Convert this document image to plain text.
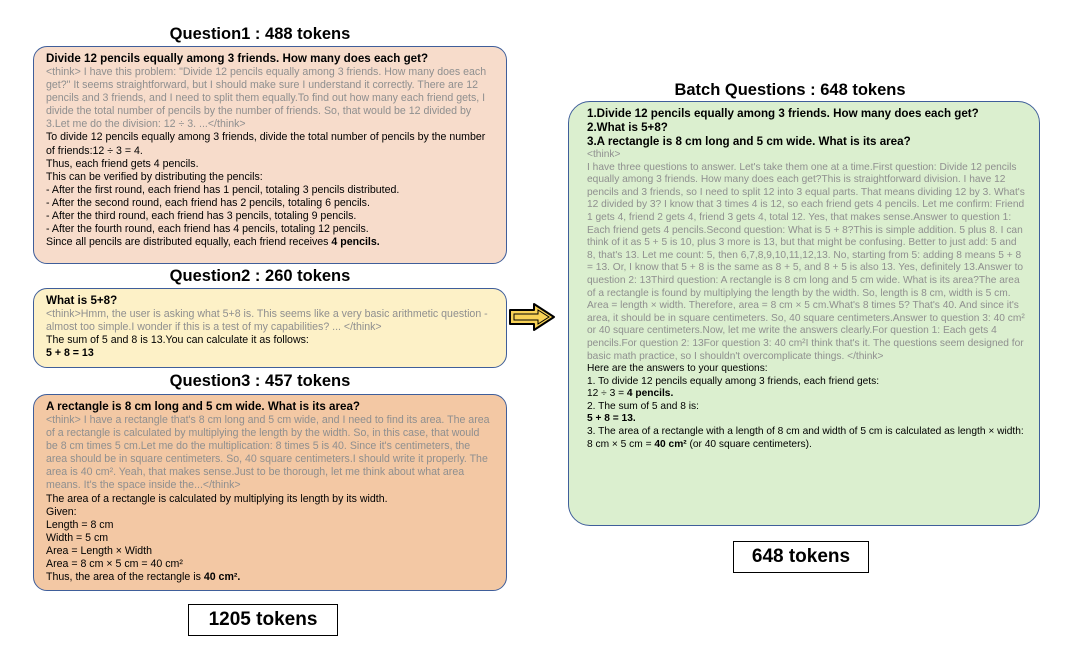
Question1 : 488 tokens

Divide 12 pencils equally among 3 friends. How many does each get?

<think> I have this problem: "Divide 12 pencils equally among 3 friends. How many does each get?" It seems straightforward, but I should make sure I understand it correctly. There are 12 pencils and 3 friends, and I need to split them equally.To find out how many each friend gets, I divide the total number of pencils by the number of friends. So, that would be 12 divided by 3.Let me do the division: 12 ÷ 3. ...</think>

To divide 12 pencils equally among 3 friends, divide the total number of pencils by the number of friends:12 ÷ 3 = 4.

Thus, each friend gets 4 pencils.

This can be verified by distributing the pencils:

- After the first round, each friend has 1 pencil, totaling 3 pencils distributed.

- After the second round, each friend has 2 pencils, totaling 6 pencils.

- After the third round, each friend has 3 pencils, totaling 9 pencils.

- After the fourth round, each friend has 4 pencils, totaling 12 pencils.

Since all pencils are distributed equally, each friend receives 4 pencils.

Question2 : 260 tokens

What is 5+8?

<think>Hmm, the user is asking what 5+8 is. This seems like a very basic arithmetic question - almost too simple.I wonder if this is a test of my capabilities? ... </think>

The sum of 5 and 8 is 13.You can calculate it as follows:

5 + 8 = 13

Question3 : 457 tokens

A rectangle is 8 cm long and 5 cm wide. What is its area?

<think> I have a rectangle that's 8 cm long and 5 cm wide, and I need to find its area. The area of a rectangle is calculated by multiplying the length by the width. So, in this case, that would be 8 cm times 5 cm.Let me do the multiplication: 8 times 5 is 40. Since it's centimeters, the area should be in square centimeters. So, 40 square centimeters.I should write it properly. The area is 40 cm². Yeah, that makes sense.Just to be thorough, let me think about what area means. It's the space inside the...</think>

The area of a rectangle is calculated by multiplying its length by its width.

Given:

Length = 8 cm

Width = 5 cm

Area = Length × Width

Area = 8 cm × 5 cm = 40 cm²

Thus, the area of the rectangle is 40 cm².

1205 tokens
Batch Questions : 648 tokens

1.Divide 12 pencils equally among 3 friends. How many does each get?

2.What is 5+8?

3.A rectangle is 8 cm long and 5 cm wide. What is its area?

<think>

I have three questions to answer. Let's take them one at a time.First question: Divide 12 pencils equally among 3 friends. How many does each get?This is straightforward division. I have 12 pencils and 3 friends, so I need to split 12 into 3 equal parts. That means dividing 12 by 3. What's 12 divided by 3? I know that 3 times 4 is 12, so each friend gets 4 pencils. Let me confirm: Friend 1 gets 4, friend 2 gets 4, friend 3 gets 4, total 12. Yes, that makes sense.Answer to question 1: Each friend gets 4 pencils.Second question: What is 5 + 8?This is simple addition. 5 plus 8. I can think of it as 5 + 5 is 10, plus 3 more is 13, but that might be confusing. Better to just add: 5 and 8, that's 13. Let me count: 5, then 6,7,8,9,10,11,12,13. No, starting from 5: adding 8 means 5 + 8 = 13. Or, I know that 5 + 8 is the same as 8 + 5, and 8 + 5 is also 13. Yes, definitely 13.Answer to question 2: 13Third question: A rectangle is 8 cm long and 5 cm wide. What is its area?The area of a rectangle is found by multiplying the length by the width. So, length is 8 cm, width is 5 cm. Area = length × width. Therefore, area = 8 cm × 5 cm.What's 8 times 5? That's 40. And since it's area, it should be in square centimeters. So, 40 square centimeters.Answer to question 3: 40 cm² or 40 square centimeters.Now, let me write the answers clearly.For question 1: Each gets 4 pencils.For question 2: 13For question 3: 40 cm²I think that's it. The questions seem designed for basic math practice, so I shouldn't overcomplicate things. </think>

Here are the answers to your questions:

1. To divide 12 pencils equally among 3 friends, each friend gets:

12 ÷ 3 = 4 pencils.

2. The sum of 5 and 8 is:

5 + 8 = 13.

3. The area of a rectangle with a length of 8 cm and width of 5 cm is calculated as length × width:

8 cm × 5 cm = 40 cm² (or 40 square centimeters).

648 tokens
